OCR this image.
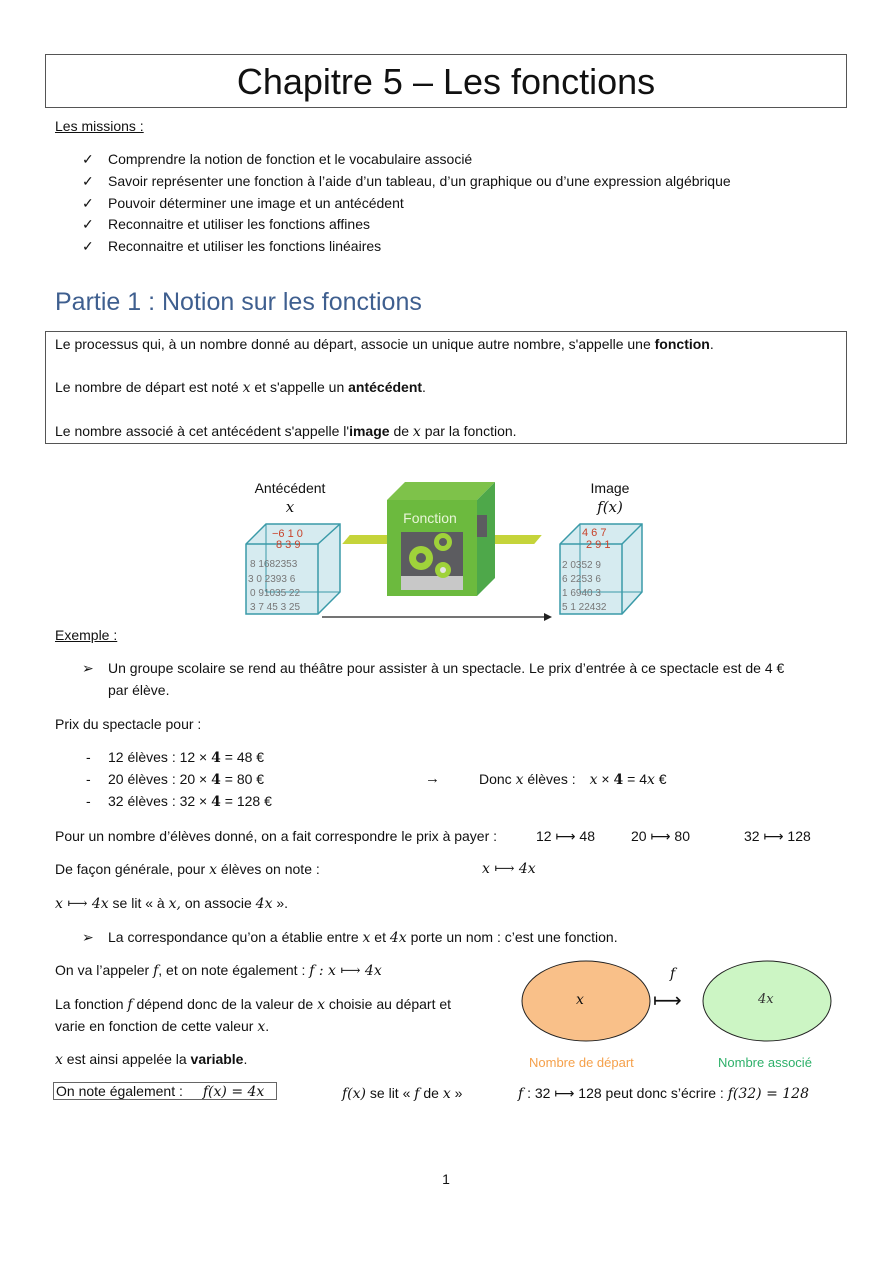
Chapitre 5 – Les fonctions
Les missions :
✓ Comprendre la notion de fonction et le vocabulaire associé
✓ Savoir représenter une fonction à l’aide d’un tableau, d’un graphique ou d’une expression algébrique
✓ Pouvoir déterminer une image et un antécédent
✓ Reconnaitre et utiliser les fonctions affines
✓ Reconnaitre et utiliser les fonctions linéaires
Partie 1 : Notion sur les fonctions
Le processus qui, à un nombre donné au départ, associe un unique autre nombre, s'appelle une fonction.
Le nombre de départ est noté x et s'appelle un antécédent.
Le nombre associé à cet antécédent s'appelle l'image de x par la fonction.
Antécédent
x
−6 1 0
8 3 9
8 1682353
3 0 2393 6
0 91035 22
3 7 45 3 25
Fonction
Image
f(x)
4 6 7
2 9 1
2 0352 9
6 2253 6
1 6940 3
5 1 22432
Exemple :
➢ Un groupe scolaire se rend au théâtre pour assister à un spectacle. Le prix d’entrée à ce spectacle est de 4 €
par élève.
Prix du spectacle pour :
- 12 élèves : 12 × 4 = 48 €
- 20 élèves : 20 × 4 = 80 €
- 32 élèves : 32 × 4 = 128 €
→	Donc x élèves : x × 4 = 4x €
Pour un nombre d’élèves donné, on a fait correspondre le prix à payer :	12 ⟼ 48	20 ⟼ 80	32 ⟼ 128
De façon générale, pour x élèves on note :	x ⟼ 4x
x ⟼ 4x se lit « à x, on associe 4x ».
➢ La correspondance qu’on a établie entre x et 4x porte un nom : c’est une fonction.
On va l’appeler f, et on note également : f : x ⟼ 4x
La fonction f dépend donc de la valeur de x choisie au départ et
varie en fonction de cette valeur x.
x est ainsi appelée la variable.
x
f
⟼	4x
Nombre de départ	Nombre associé
On note également : f(x) = 4x	f(x) se lit « f de x »	f : 32 ⟼ 128 peut donc s’écrire : f(32) = 128
1
